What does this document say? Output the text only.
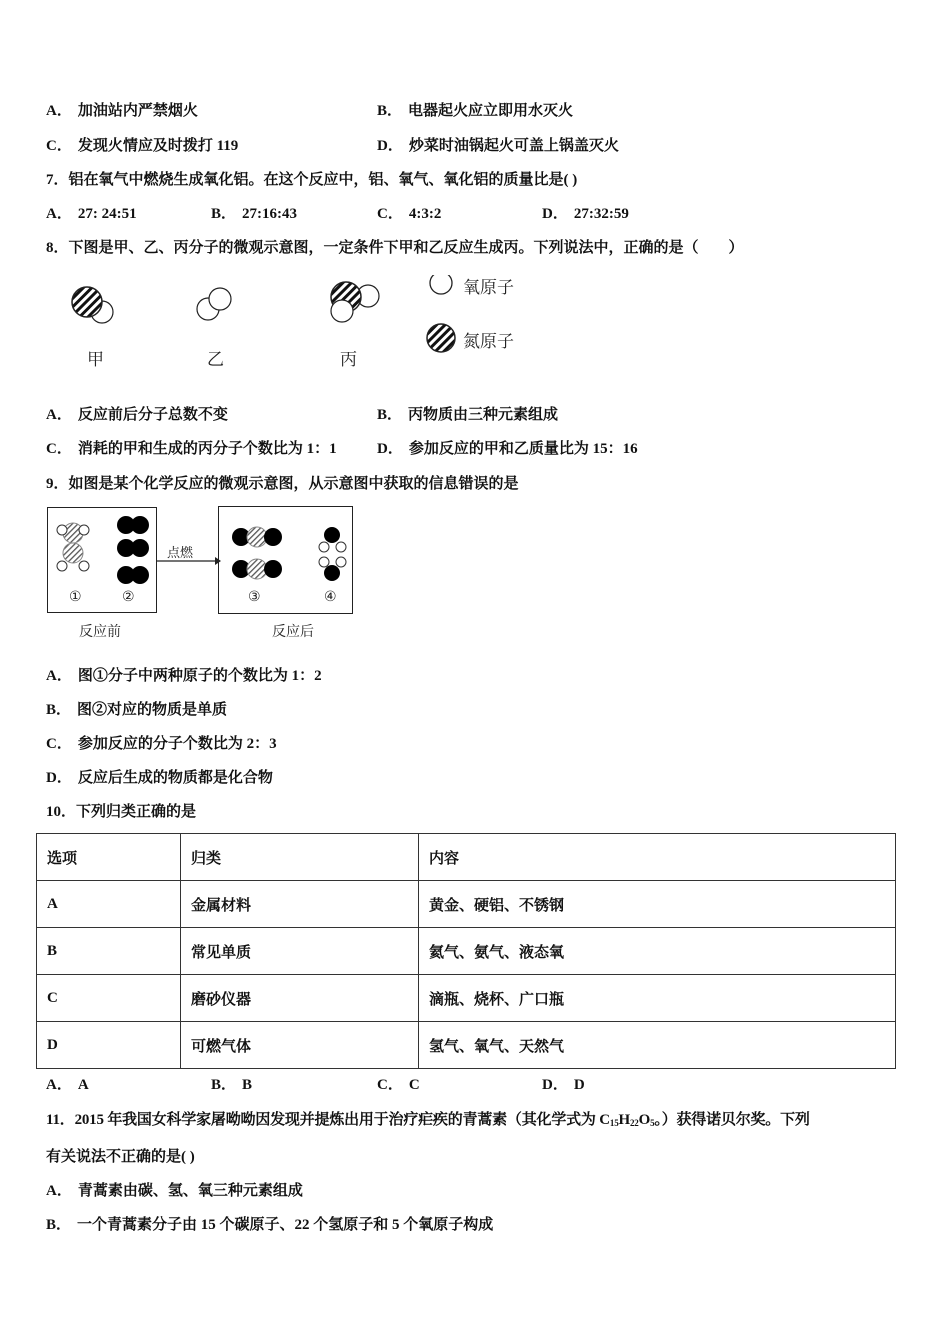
A． 加油站内严禁烟火	B． 电器起火应立即用水灭火
C． 发现火情应及时拨打 119	D． 炒菜时油锅起火可盖上锅盖灭火
7．铝在氧气中燃烧生成氧化铝。在这个反应中，铝、氧气、氧化铝的质量比是( )
A． 27: 24:51	B． 27:16:43	C． 4:3:2	D． 27:32:59
8．下图是甲、乙、丙分子的微观示意图，一定条件下甲和乙反应生成丙。下列说法中，正确的是（　　）
甲	乙	丙
氧原子
氮原子
A． 反应前后分子总数不变	B． 丙物质由三种元素组成
C． 消耗的甲和生成的丙分子个数比为 1：1	D． 参加反应的甲和乙质量比为 15：16
9．如图是某个化学反应的微观示意图，从示意图中获取的信息错误的是
点燃
①	②	③	④
反应前	反应后
A． 图①分子中两种原子的个数比为 1：2
B． 图②对应的物质是单质
C． 参加反应的分子个数比为 2：3
D． 反应后生成的物质都是化合物
10．下列归类正确的是
选项	归类	内容
A	金属材料	黄金、硬铝、不锈钢
B	常见单质	氦气、氨气、液态氧
C	磨砂仪器	滴瓶、烧杯、广口瓶
D	可燃气体	氢气、氧气、天然气
A． A	B． B	C． C	D． D
11．2015 年我国女科学家屠呦呦因发现并提炼出用于治疗疟疾的青蒿素（其化学式为 $C_{15}H_{22}O_5$。）获得诺贝尔奖。下列
有关说法不正确的是( )
A． 青蒿素由碳、氢、氧三种元素组成
B． 一个青蒿素分子由 15 个碳原子、22 个氢原子和 5 个氧原子构成
